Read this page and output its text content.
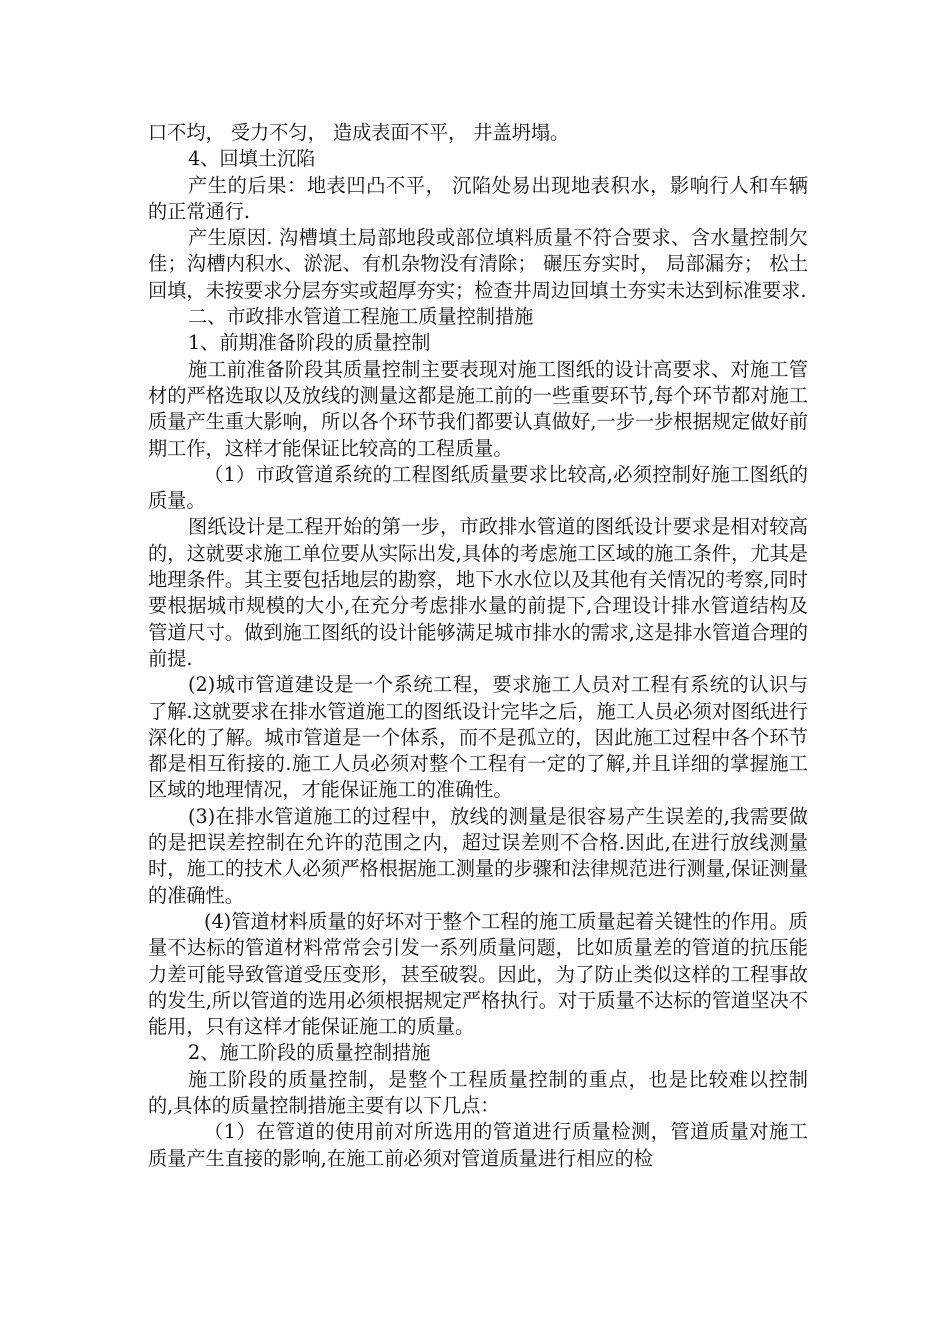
口不均， 受力不匀， 造成表面不平， 井盖坍塌。

4、回填土沉陷

产生的后果：地表凹凸不平， 沉陷处易出现地表积水，影响行人和车辆的正常通行.

产生原因. 沟槽填土局部地段或部位填料质量不符合要求、含水量控制欠佳；沟槽内积水、淤泥、有机杂物没有清除； 碾压夯实时， 局部漏夯； 松土回填，未按要求分层夯实或超厚夯实；检查井周边回填土夯实未达到标准要求.

二、市政排水管道工程施工质量控制措施

1、前期准备阶段的质量控制

施工前准备阶段其质量控制主要表现对施工图纸的设计高要求、对施工管材的严格选取以及放线的测量这都是施工前的一些重要环节,每个环节都对施工质量产生重大影响，所以各个环节我们都要认真做好,一步一步根据规定做好前期工作，这样才能保证比较高的工程质量。

（1）市政管道系统的工程图纸质量要求比较高,必须控制好施工图纸的质量。

图纸设计是工程开始的第一步，市政排水管道的图纸设计要求是相对较高的，这就要求施工单位要从实际出发,具体的考虑施工区域的施工条件，尤其是地理条件。其主要包括地层的勘察，地下水水位以及其他有关情况的考察,同时要根据城市规模的大小,在充分考虑排水量的前提下,合理设计排水管道结构及管道尺寸。做到施工图纸的设计能够满足城市排水的需求,这是排水管道合理的前提.

(2)城市管道建设是一个系统工程，要求施工人员对工程有系统的认识与了解.这就要求在排水管道施工的图纸设计完毕之后，施工人员必须对图纸进行深化的了解。城市管道是一个体系，而不是孤立的，因此施工过程中各个环节都是相互衔接的.施工人员必须对整个工程有一定的了解,并且详细的掌握施工区域的地理情况，才能保证施工的准确性。

(3)在排水管道施工的过程中，放线的测量是很容易产生误差的,我需要做的是把误差控制在允许的范围之内，超过误差则不合格.因此,在进行放线测量时，施工的技术人必须严格根据施工测量的步骤和法律规范进行测量,保证测量的准确性。

(4)管道材料质量的好坏对于整个工程的施工质量起着关键性的作用。质量不达标的管道材料常常会引发一系列质量问题，比如质量差的管道的抗压能力差可能导致管道受压变形，甚至破裂。因此，为了防止类似这样的工程事故的发生,所以管道的选用必须根据规定严格执行。对于质量不达标的管道坚决不能用，只有这样才能保证施工的质量。

2、施工阶段的质量控制措施

施工阶段的质量控制，是整个工程质量控制的重点，也是比较难以控制的,具体的质量控制措施主要有以下几点：

（1）在管道的使用前对所选用的管道进行质量检测，管道质量对施工质量产生直接的影响,在施工前必须对管道质量进行相应的检
